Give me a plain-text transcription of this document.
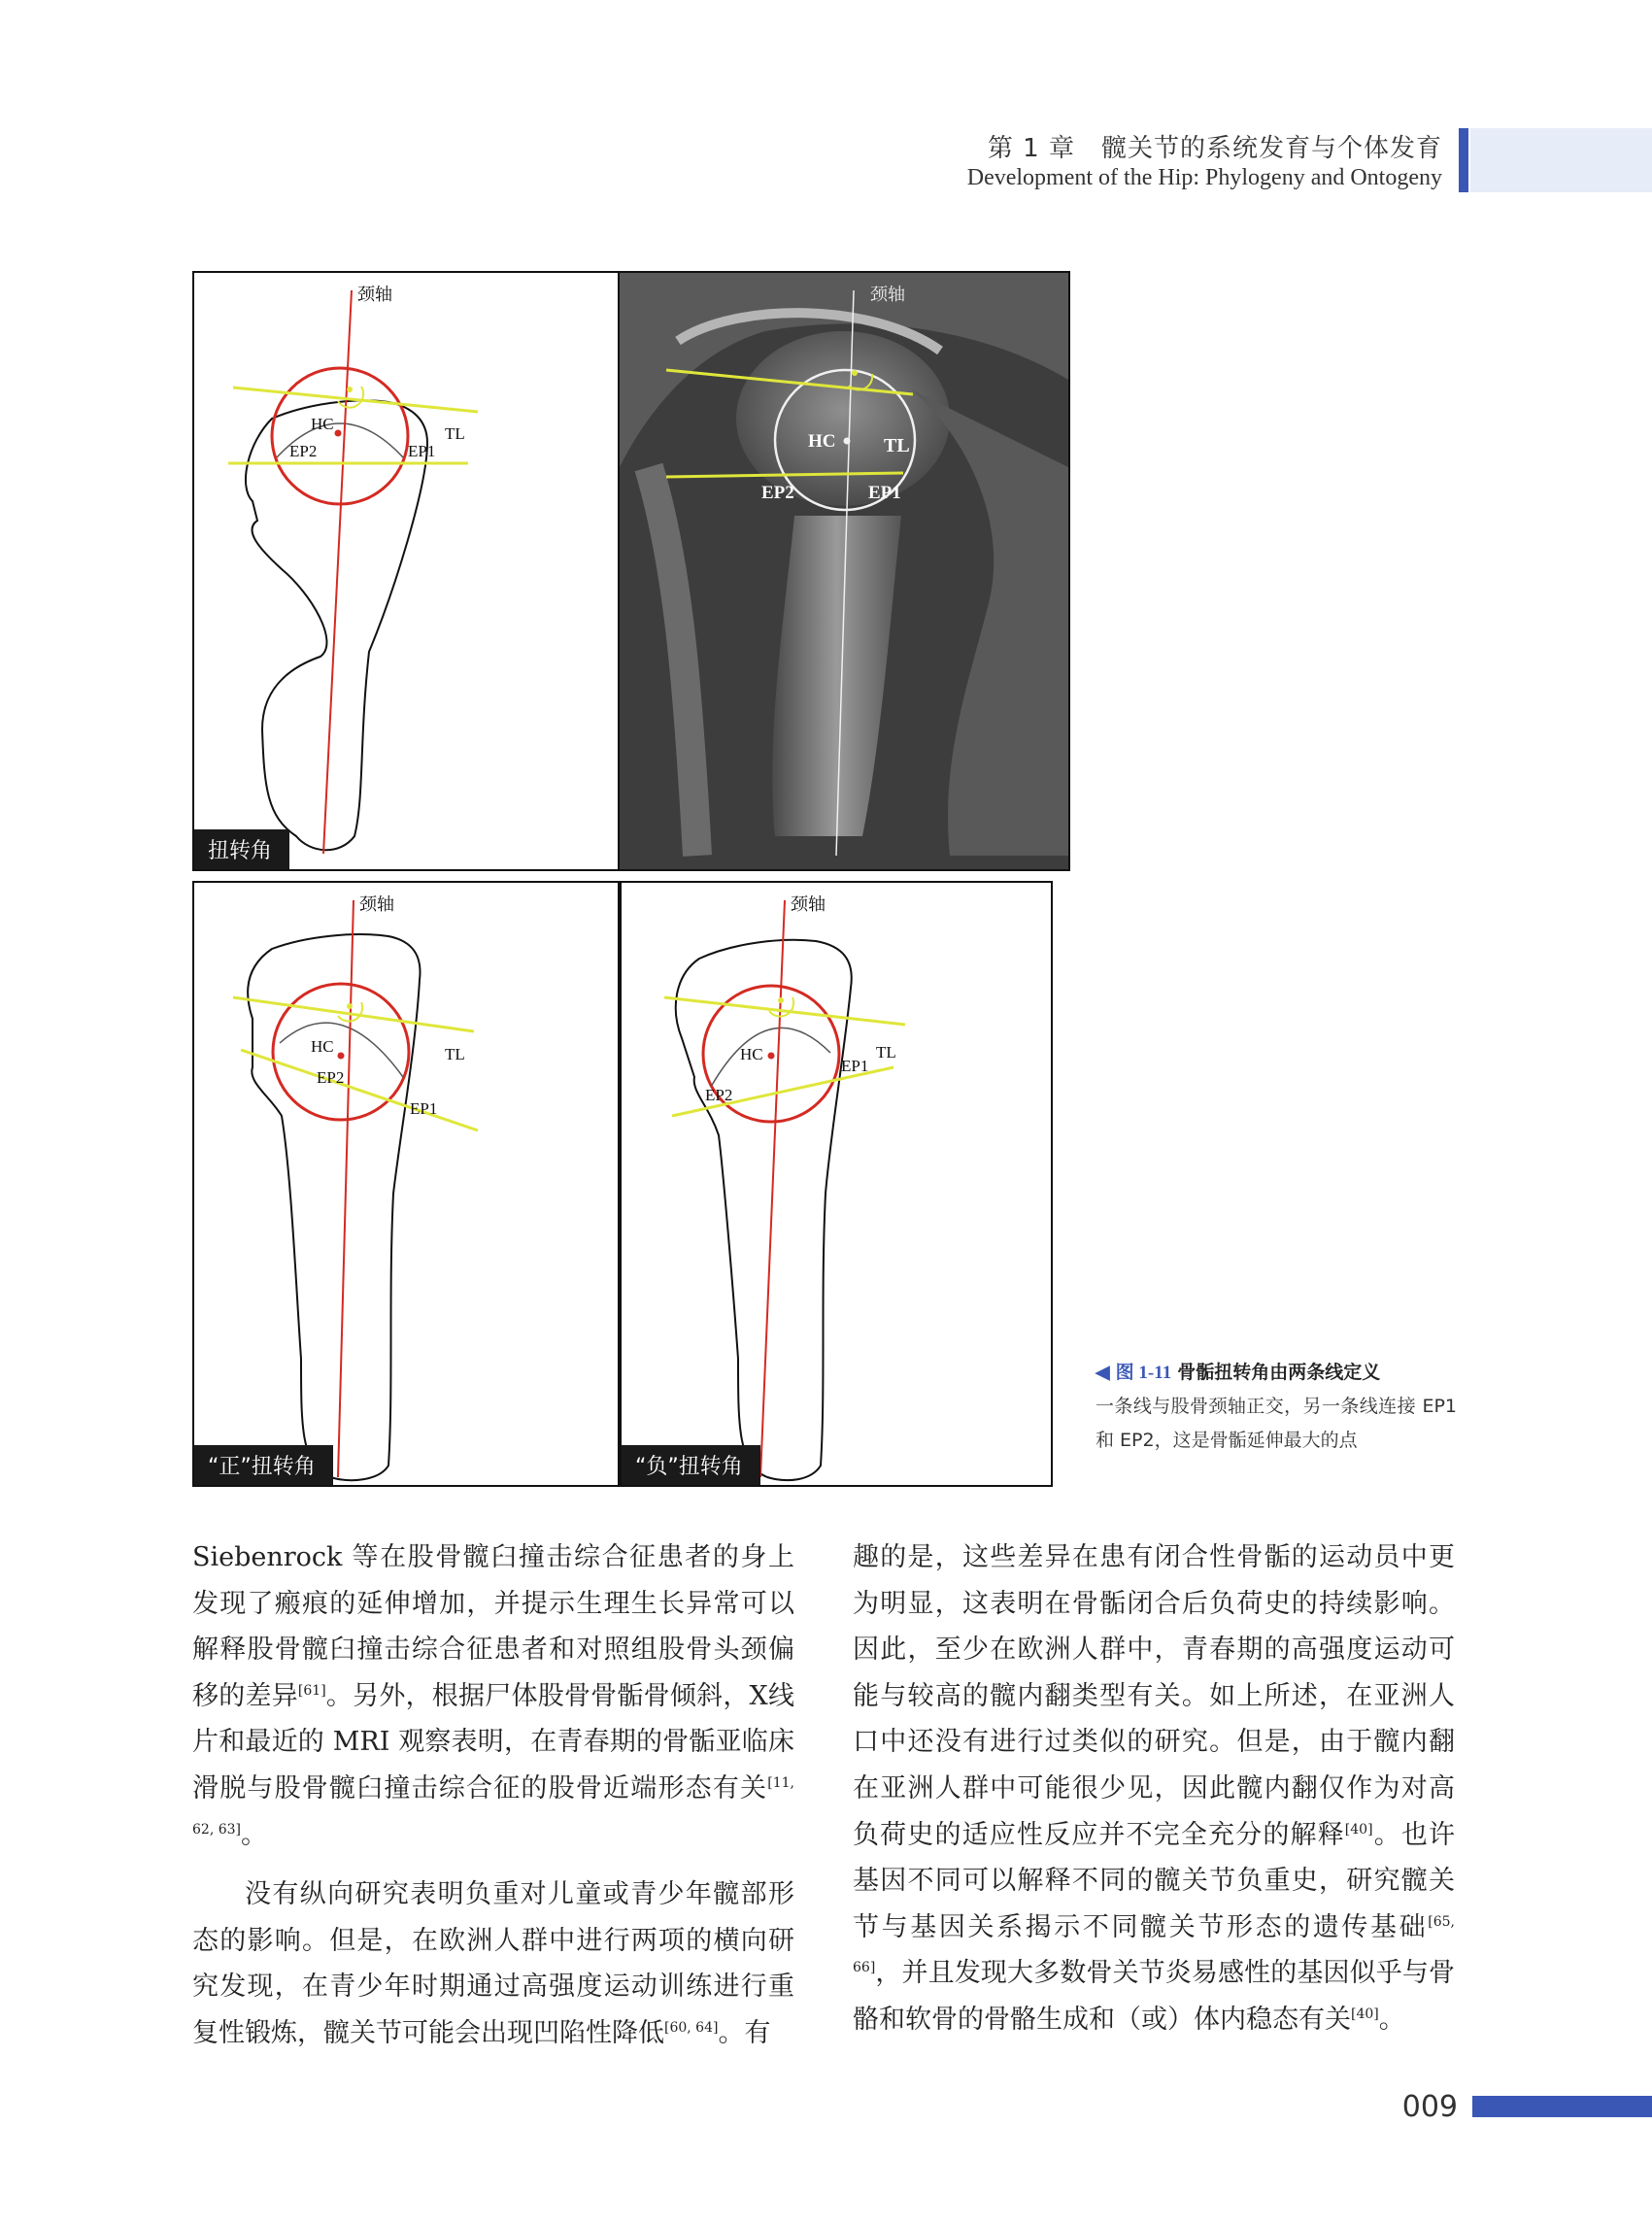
第 1 章　髋关节的系统发育与个体发育
Development of the Hip: Phylogeny and Ontogeny
颈轴
TL
HC
EP2	EP1
扭转角
颈轴
TL
HC
EP2	EP1
颈轴
TL
HC
EP2
EP1
“正”扭转角
颈轴
TL
HC
EP2
EP1
“负”扭转角
◀ 图 1-11 骨骺扭转角由两条线定义
一条线与股骨颈轴正交，另一条线连接 EP1 和 EP2，这是骨骺延伸最大的点

Siebenrock 等在股骨髋臼撞击综合征患者的身上发现了瘢痕的延伸增加，并提示生理生长异常可以解释股骨髋臼撞击综合征患者和对照组股骨头颈偏移的差异[61]。另外，根据尸体股骨骨骺骨倾斜，X线片和最近的 MRI 观察表明，在青春期的骨骺亚临床滑脱与股骨髋臼撞击综合征的股骨近端形态有关[11, 62, 63]。

没有纵向研究表明负重对儿童或青少年髋部形态的影响。但是，在欧洲人群中进行两项的横向研究发现，在青少年时期通过高强度运动训练进行重复性锻炼，髋关节可能会出现凹陷性降低[60, 64]。有

趣的是，这些差异在患有闭合性骨骺的运动员中更为明显，这表明在骨骺闭合后负荷史的持续影响。因此，至少在欧洲人群中，青春期的高强度运动可能与较高的髋内翻类型有关。如上所述，在亚洲人口中还没有进行过类似的研究。但是，由于髋内翻在亚洲人群中可能很少见，因此髋内翻仅作为对高负荷史的适应性反应并不完全充分的解释[40]。也许基因不同可以解释不同的髋关节负重史，研究髋关节与基因关系揭示不同髋关节形态的遗传基础[65, 66]，并且发现大多数骨关节炎易感性的基因似乎与骨骼和软骨的骨骼生成和（或）体内稳态有关[40]。

009
